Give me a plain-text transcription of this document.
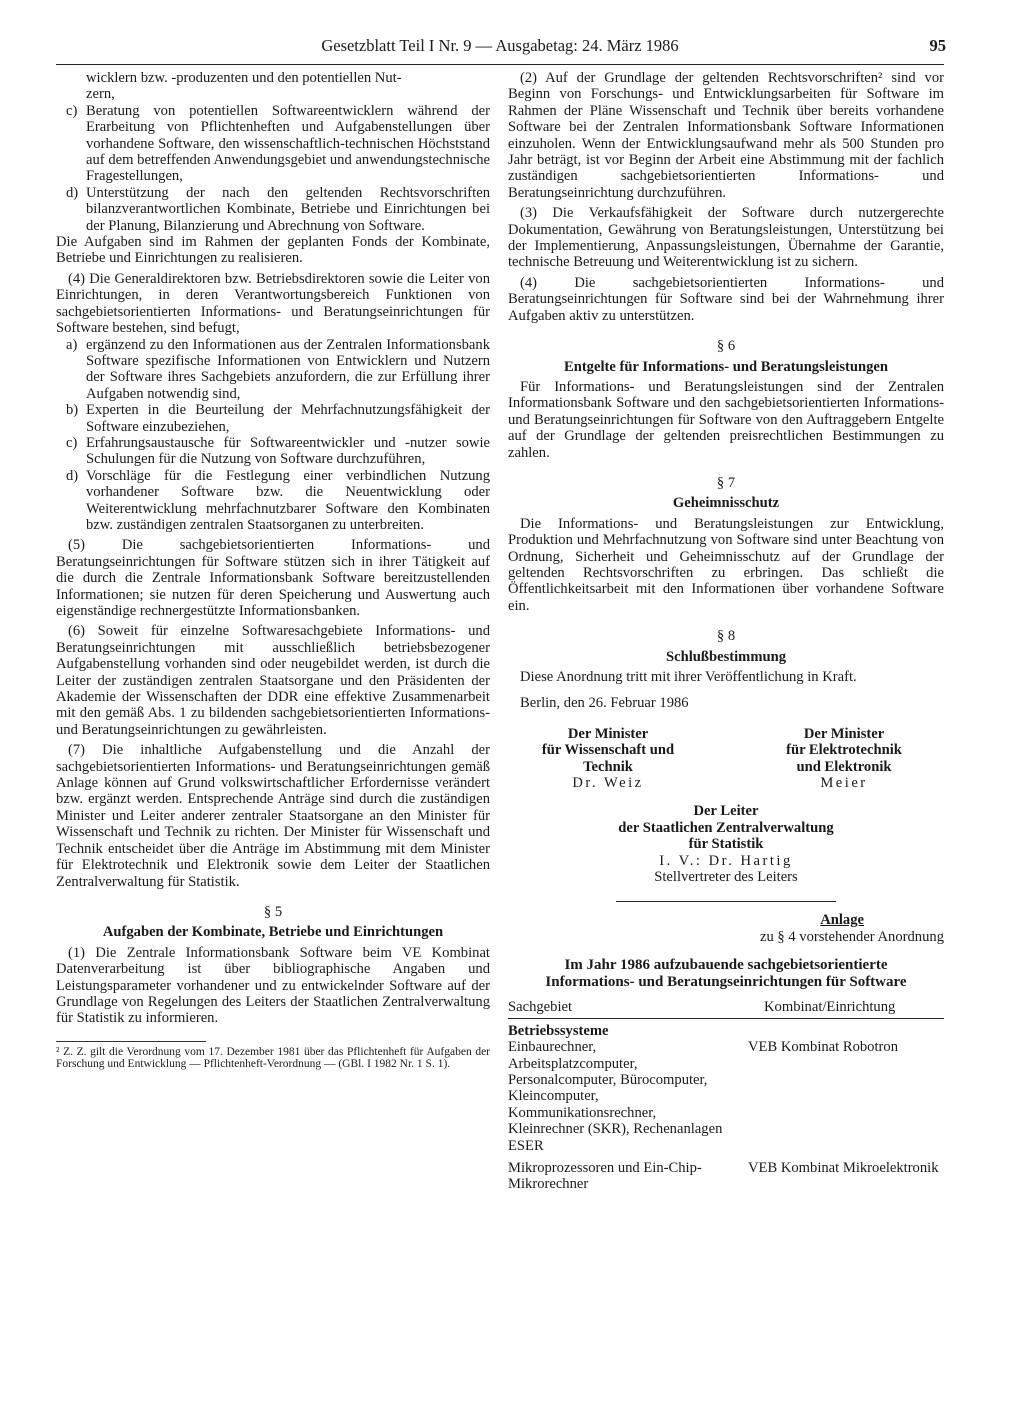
Gesetzblatt Teil I Nr. 9 — Ausgabetag: 24. März 1986	95

wicklern bzw. -produzenten und den potentiellen Nut-
zern,

c) Beratung von potentiellen Softwareentwicklern während der Erarbeitung von Pflichtenheften und Aufgabenstellungen über vorhandene Software, den wissenschaftlich-technischen Höchststand auf dem betreffenden Anwendungsgebiet und anwendungstechnische Fragestellungen,
d) Unterstützung der nach den geltenden Rechtsvorschriften bilanzverantwortlichen Kombinate, Betriebe und Einrichtungen bei der Planung, Bilanzierung und Abrechnung von Software.

Die Aufgaben sind im Rahmen der geplanten Fonds der Kombinate, Betriebe und Einrichtungen zu realisieren.

(4) Die Generaldirektoren bzw. Betriebsdirektoren sowie die Leiter von Einrichtungen, in deren Verantwortungsbereich Funktionen von sachgebietsorientierten Informations- und Beratungseinrichtungen für Software bestehen, sind befugt,

a) ergänzend zu den Informationen aus der Zentralen Informationsbank Software spezifische Informationen von Entwicklern und Nutzern der Software ihres Sachgebiets anzufordern, die zur Erfüllung ihrer Aufgaben notwendig sind,
b) Experten in die Beurteilung der Mehrfachnutzungsfähigkeit der Software einzubeziehen,
c) Erfahrungsaustausche für Softwareentwickler und -nutzer sowie Schulungen für die Nutzung von Software durchzuführen,
d) Vorschläge für die Festlegung einer verbindlichen Nutzung vorhandener Software bzw. die Neuentwicklung oder Weiterentwicklung mehrfachnutzbarer Software den Kombinaten bzw. zuständigen zentralen Staatsorganen zu unterbreiten.

(5) Die sachgebietsorientierten Informations- und Beratungseinrichtungen für Software stützen sich in ihrer Tätigkeit auf die durch die Zentrale Informationsbank Software bereitzustellenden Informationen; sie nutzen für deren Speicherung und Auswertung auch eigenständige rechnergestützte Informationsbanken.

(6) Soweit für einzelne Softwaresachgebiete Informations- und Beratungseinrichtungen mit ausschließlich betriebsbezogener Aufgabenstellung vorhanden sind oder neugebildet werden, ist durch die Leiter der zuständigen zentralen Staatsorgane und den Präsidenten der Akademie der Wissenschaften der DDR eine effektive Zusammenarbeit mit den gemäß Abs. 1 zu bildenden sachgebietsorientierten Informations- und Beratungseinrichtungen zu gewährleisten.

(7) Die inhaltliche Aufgabenstellung und die Anzahl der sachgebietsorientierten Informations- und Beratungseinrichtungen gemäß Anlage können auf Grund volkswirtschaftlicher Erfordernisse verändert bzw. ergänzt werden. Entsprechende Anträge sind durch die zuständigen Minister und Leiter anderer zentraler Staatsorgane an den Minister für Wissenschaft und Technik zu richten. Der Minister für Wissenschaft und Technik entscheidet über die Anträge im Abstimmung mit dem Minister für Elektrotechnik und Elektronik sowie dem Leiter der Staatlichen Zentralverwaltung für Statistik.

§ 5
Aufgaben der Kombinate, Betriebe und Einrichtungen

(1) Die Zentrale Informationsbank Software beim VE Kombinat Datenverarbeitung ist über bibliographische Angaben und Leistungsparameter vorhandener und zu entwickelnder Software auf der Grundlage von Regelungen des Leiters der Staatlichen Zentralverwaltung für Statistik zu informieren.

² Z. Z. gilt die Verordnung vom 17. Dezember 1981 über das Pflichtenheft für Aufgaben der Forschung und Entwicklung — Pflichtenheft-Verordnung — (GBl. I 1982 Nr. 1 S. 1).

(2) Auf der Grundlage der geltenden Rechtsvorschriften² sind vor Beginn von Forschungs- und Entwicklungsarbeiten für Software im Rahmen der Pläne Wissenschaft und Technik über bereits vorhandene Software bei der Zentralen Informationsbank Software Informationen einzuholen. Wenn der Entwicklungsaufwand mehr als 500 Stunden pro Jahr beträgt, ist vor Beginn der Arbeit eine Abstimmung mit der fachlich zuständigen sachgebietsorientierten Informations- und Beratungseinrichtung durchzuführen.

(3) Die Verkaufsfähigkeit der Software durch nutzergerechte Dokumentation, Gewährung von Beratungsleistungen, Unterstützung bei der Implementierung, Anpassungsleistungen, Übernahme der Garantie, technische Betreuung und Weiterentwicklung ist zu sichern.

(4) Die sachgebietsorientierten Informations- und Beratungseinrichtungen für Software sind bei der Wahrnehmung ihrer Aufgaben aktiv zu unterstützen.

§ 6
Entgelte für Informations- und Beratungsleistungen

Für Informations- und Beratungsleistungen sind der Zentralen Informationsbank Software und den sachgebietsorientierten Informations- und Beratungseinrichtungen für Software von den Auftraggebern Entgelte auf der Grundlage der geltenden preisrechtlichen Bestimmungen zu zahlen.

§ 7
Geheimnisschutz

Die Informations- und Beratungsleistungen zur Entwicklung, Produktion und Mehrfachnutzung von Software sind unter Beachtung von Ordnung, Sicherheit und Geheimnisschutz auf der Grundlage der geltenden Rechtsvorschriften zu erbringen. Das schließt die Öffentlichkeitsarbeit mit den Informationen über vorhandene Software ein.

§ 8
Schlußbestimmung

Diese Anordnung tritt mit ihrer Veröffentlichung in Kraft.

Berlin, den 26. Februar 1986

Der Minister
für Wissenschaft und
Technik
Dr. Weiz
Der Minister
für Elektrotechnik
und Elektronik
Meier
Der Leiter
der Staatlichen Zentralverwaltung
für Statistik
I. V.: Dr. Hartig
Stellvertreter des Leiters
Anlage
zu § 4 vorstehender Anordnung
Im Jahr 1986 aufzubauende sachgebietsorientierte
Informations- und Beratungseinrichtungen für Software
Sachgebiet	Kombinat/Einrichtung
Betriebssysteme
Einbaurechner, Arbeitsplatzcomputer, Personalcomputer, Bürocomputer, Kleincomputer, Kommunikationsrechner, Kleinrechner (SKR), Rechenanlagen ESER
VEB Kombinat Robotron
Mikroprozessoren und Ein-Chip-Mikrorechner
VEB Kombinat Mikroelektronik
